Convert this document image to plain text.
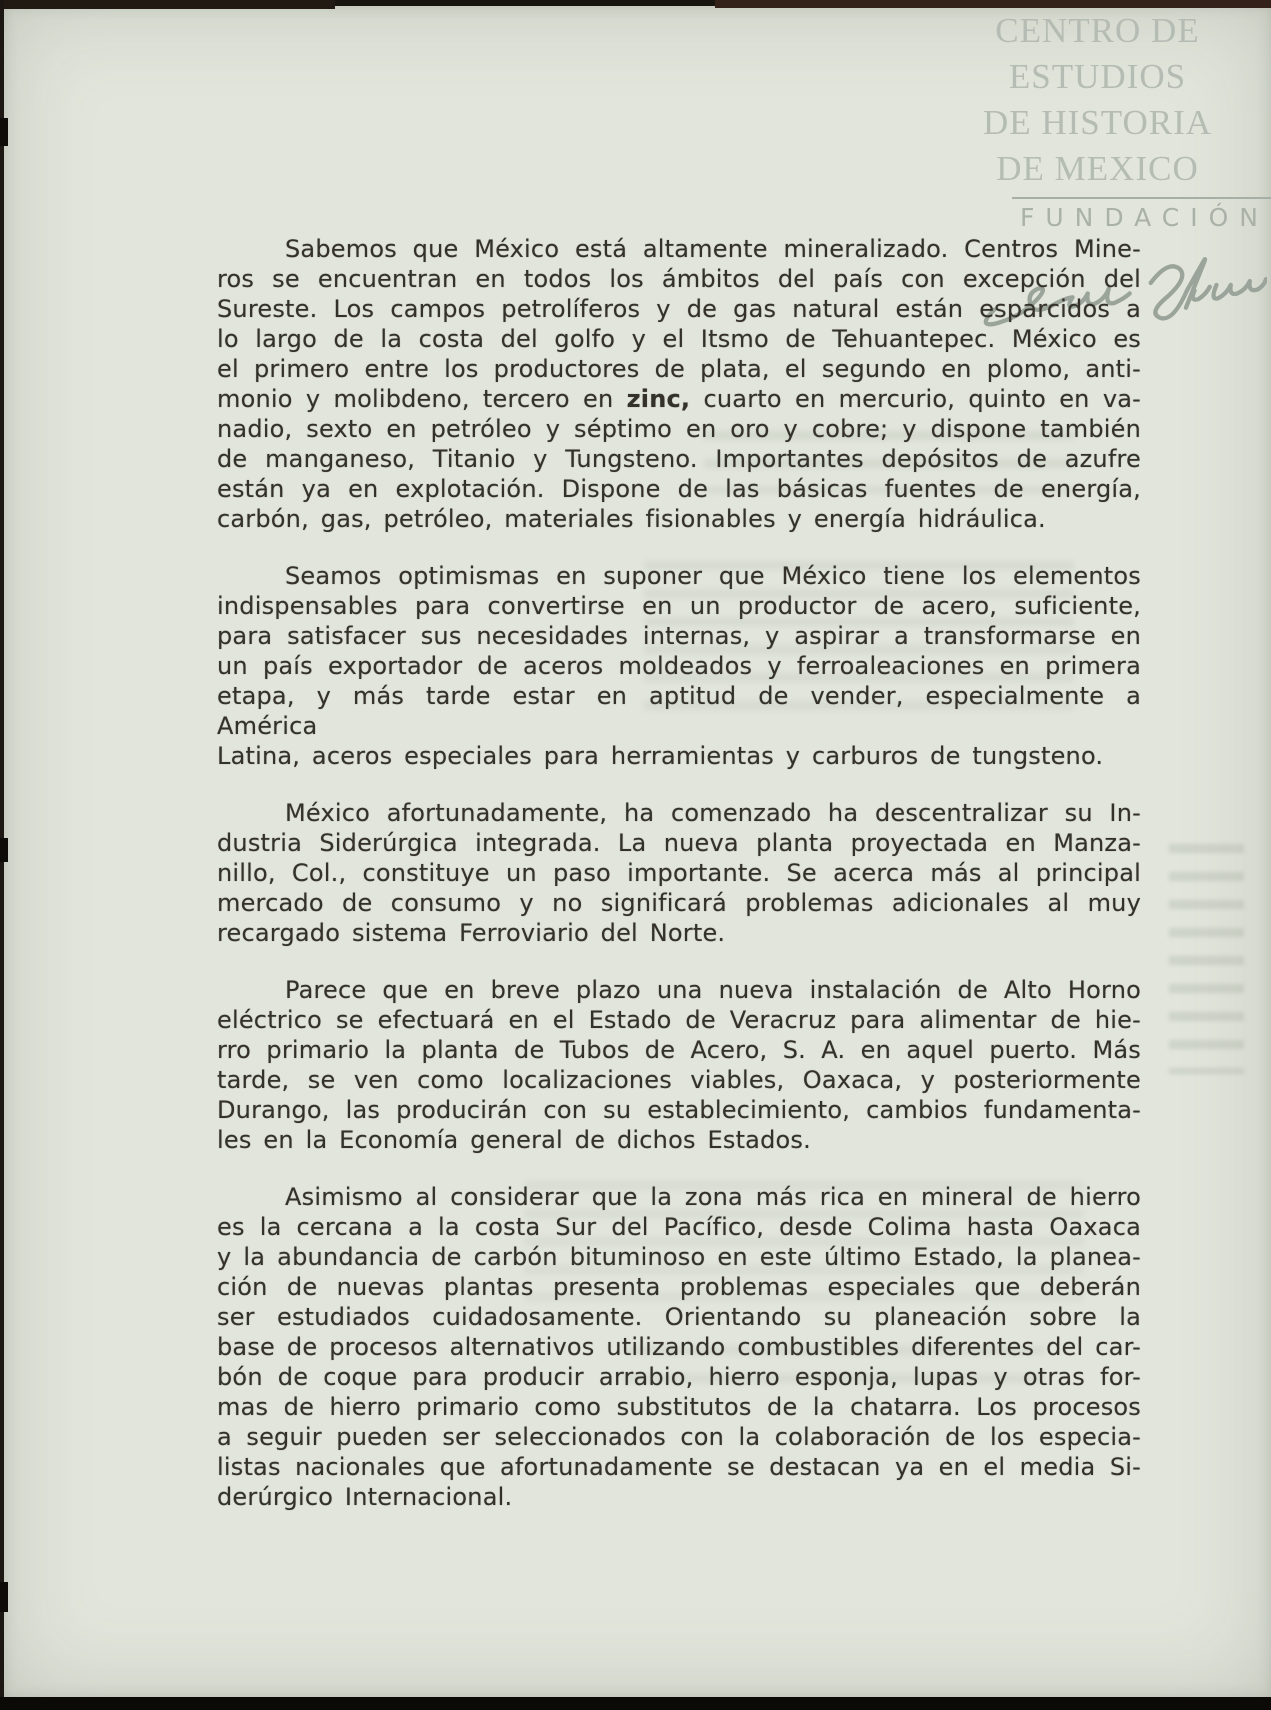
CENTRO DE
ESTUDIOS
DE HISTORIA
DE MEXICO
FUNDACIÓN
Sabemos que México está altamente mineralizado. Centros Mine-
ros se encuentran en todos los ámbitos del país con excepción del
Sureste. Los campos petrolíferos y de gas natural están esparcidos a
lo largo de la costa del golfo y el Itsmo de Tehuantepec. México es
el primero entre los productores de plata, el segundo en plomo, anti-
monio y molibdeno, tercero en zinc, cuarto en mercurio, quinto en va-
nadio, sexto en petróleo y séptimo en oro y cobre; y dispone también
de manganeso, Titanio y Tungsteno. Importantes depósitos de azufre
están ya en explotación. Dispone de las básicas fuentes de energía,
carbón, gas, petróleo, materiales fisionables y energía hidráulica.
Seamos optimismas en suponer que México tiene los elementos
indispensables para convertirse en un productor de acero, suficiente,
para satisfacer sus necesidades internas, y aspirar a transformarse en
un país exportador de aceros moldeados y ferroaleaciones en primera
etapa, y más tarde estar en aptitud de vender, especialmente a América
Latina, aceros especiales para herramientas y carburos de tungsteno.
México afortunadamente, ha comenzado ha descentralizar su In-
dustria Siderúrgica integrada. La nueva planta proyectada en Manza-
nillo, Col., constituye un paso importante. Se acerca más al principal
mercado de consumo y no significará problemas adicionales al muy
recargado sistema Ferroviario del Norte.
Parece que en breve plazo una nueva instalación de Alto Horno
eléctrico se efectuará en el Estado de Veracruz para alimentar de hie-
rro primario la planta de Tubos de Acero, S. A. en aquel puerto. Más
tarde, se ven como localizaciones viables, Oaxaca, y posteriormente
Durango, las producirán con su establecimiento, cambios fundamenta-
les en la Economía general de dichos Estados.
Asimismo al considerar que la zona más rica en mineral de hierro
es la cercana a la costa Sur del Pacífico, desde Colima hasta Oaxaca
y la abundancia de carbón bituminoso en este último Estado, la planea-
ción de nuevas plantas presenta problemas especiales que deberán
ser estudiados cuidadosamente. Orientando su planeación sobre la
base de procesos alternativos utilizando combustibles diferentes del car-
bón de coque para producir arrabio, hierro esponja, lupas y otras for-
mas de hierro primario como substitutos de la chatarra. Los procesos
a seguir pueden ser seleccionados con la colaboración de los especia-
listas nacionales que afortunadamente se destacan ya en el media Si-
derúrgico Internacional.
